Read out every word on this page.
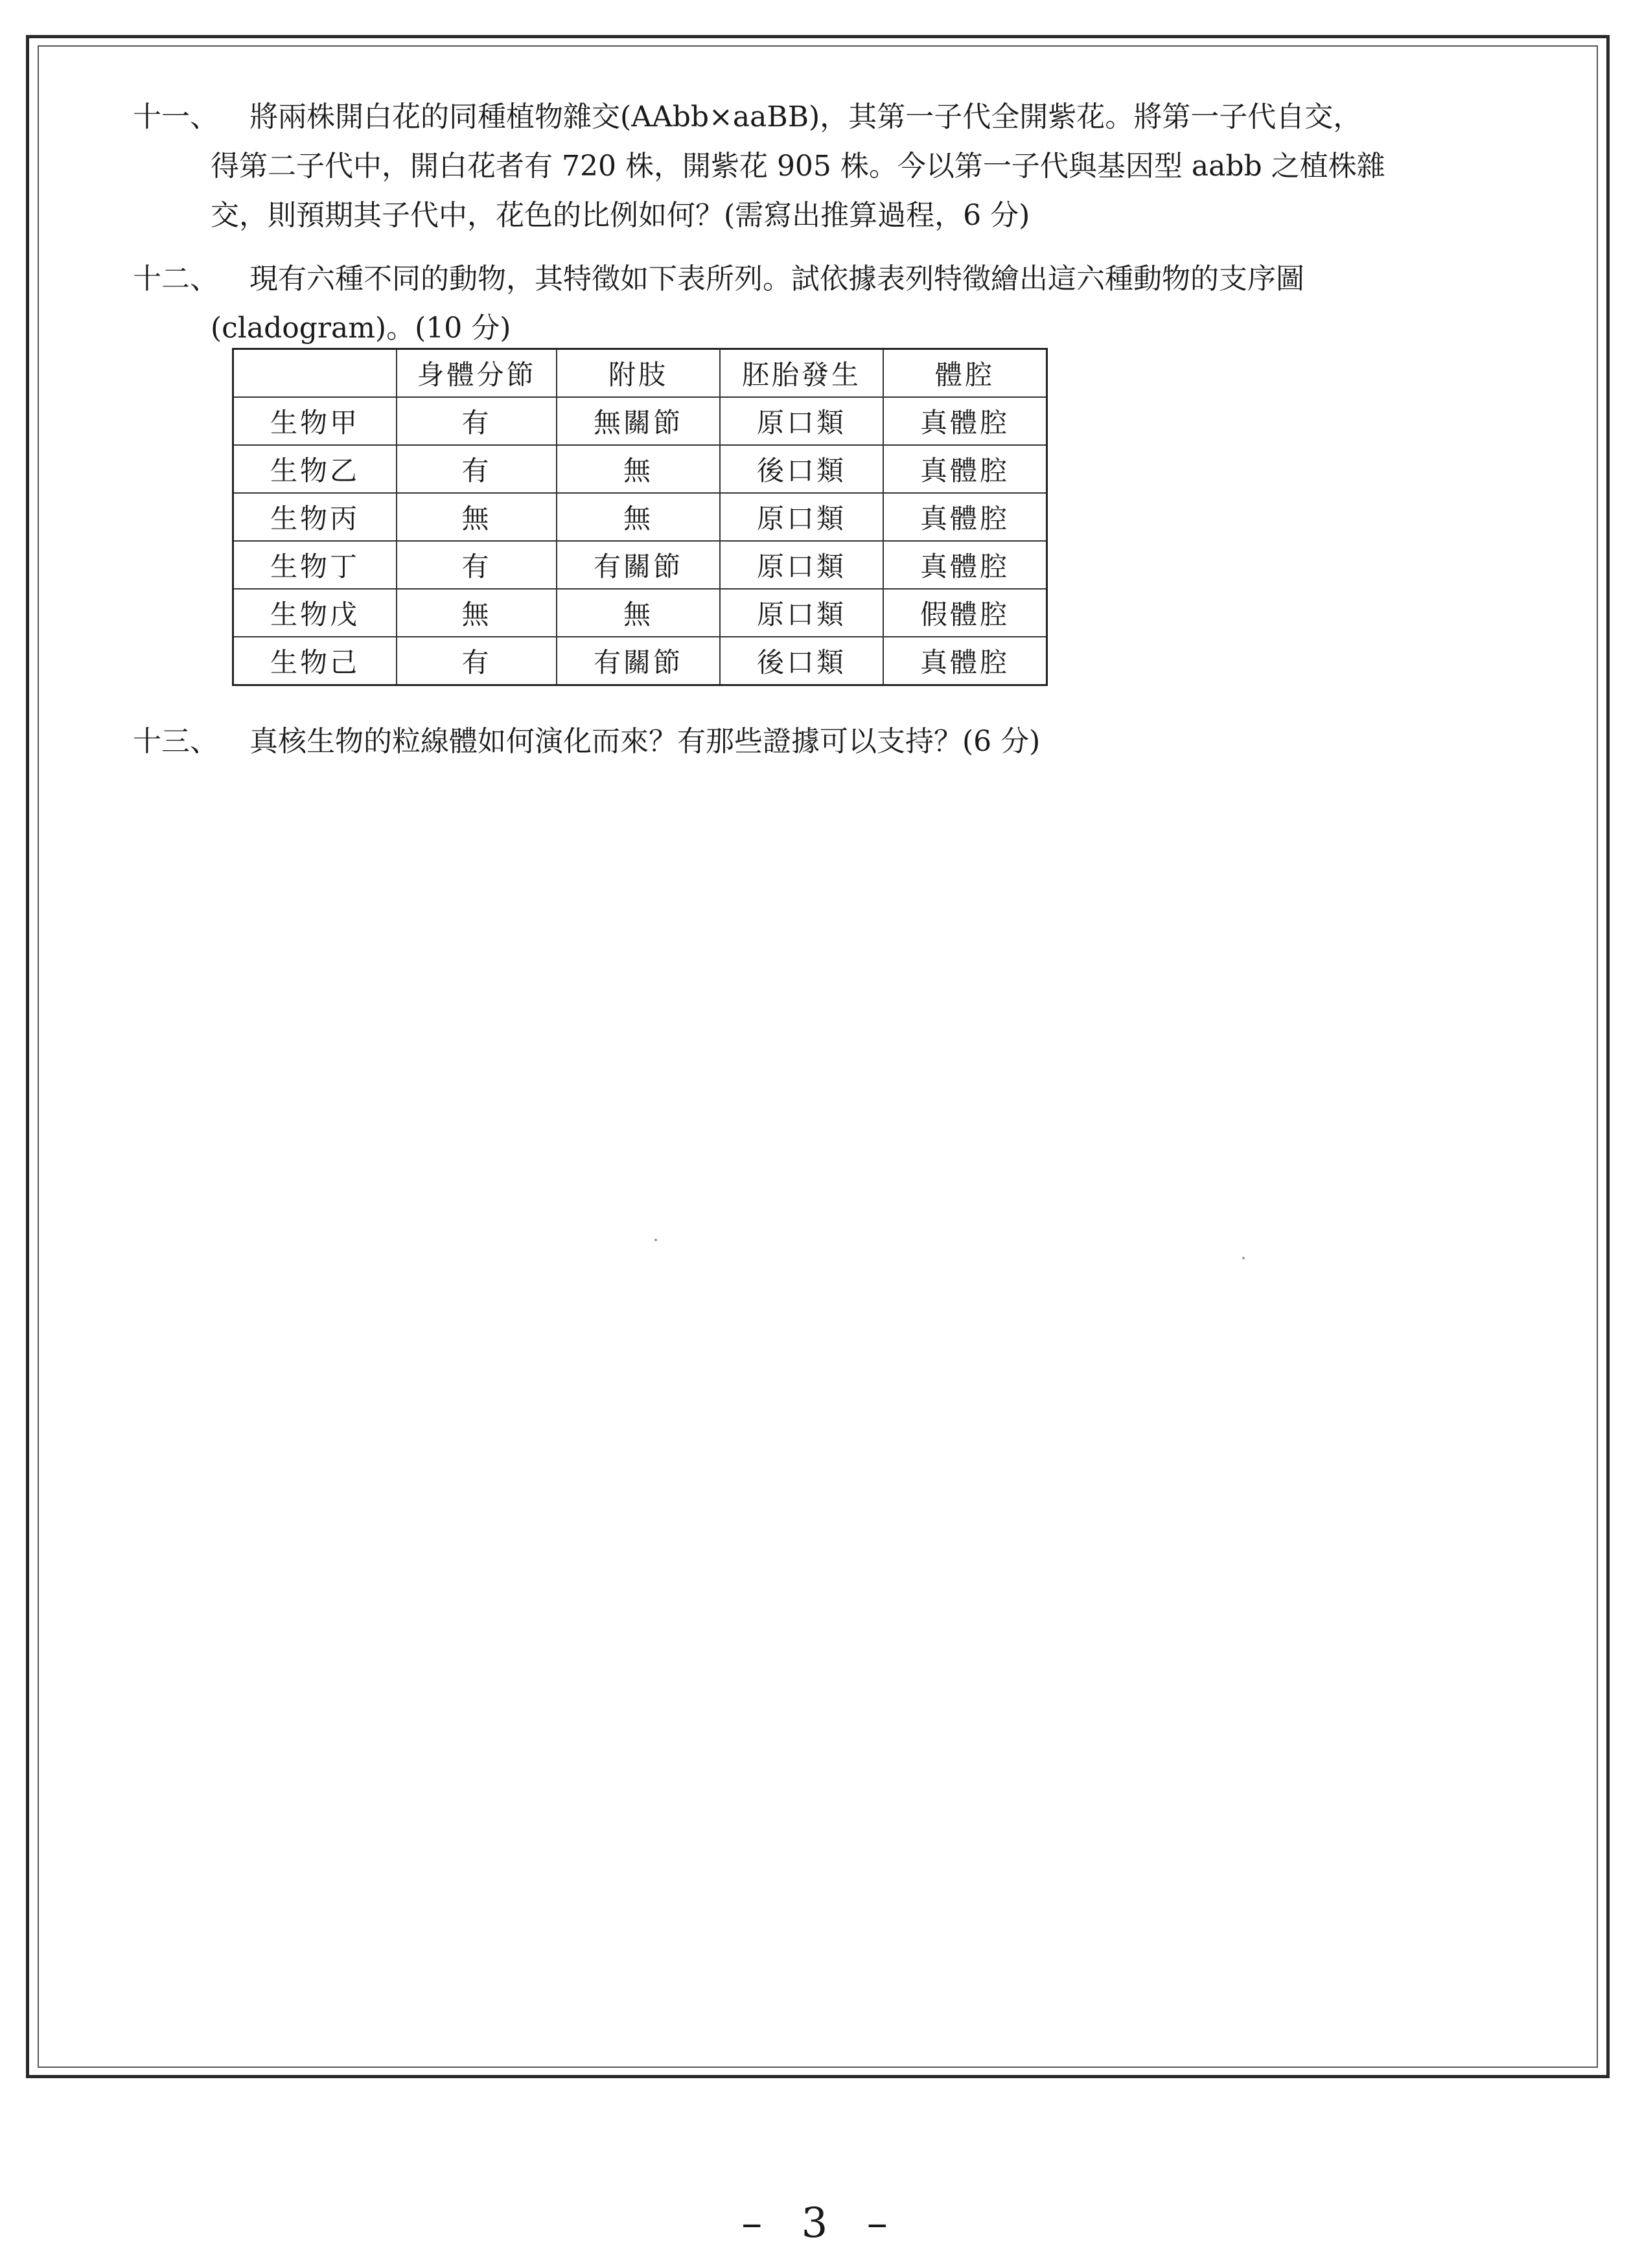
十一、	將兩株開白花的同種植物雜交(AAbb×aaBB)，其第一子代全開紫花。將第一子代自交，
得第二子代中，開白花者有 720 株，開紫花 905 株。今以第一子代與基因型 aabb 之植株雜
交，則預期其子代中，花色的比例如何？(需寫出推算過程，6 分)
十二、	現有六種不同的動物，其特徵如下表所列。試依據表列特徵繪出這六種動物的支序圖
(cladogram)。(10 分)
	身體分節	附肢	胚胎發生	體腔
生物甲	有	無關節	原口類	真體腔
生物乙	有	無	後口類	真體腔
生物丙	無	無	原口類	真體腔
生物丁	有	有關節	原口類	真體腔
生物戊	無	無	原口類	假體腔
生物己	有	有關節	後口類	真體腔
十三、	真核生物的粒線體如何演化而來？有那些證據可以支持？(6 分)
– 3 –
